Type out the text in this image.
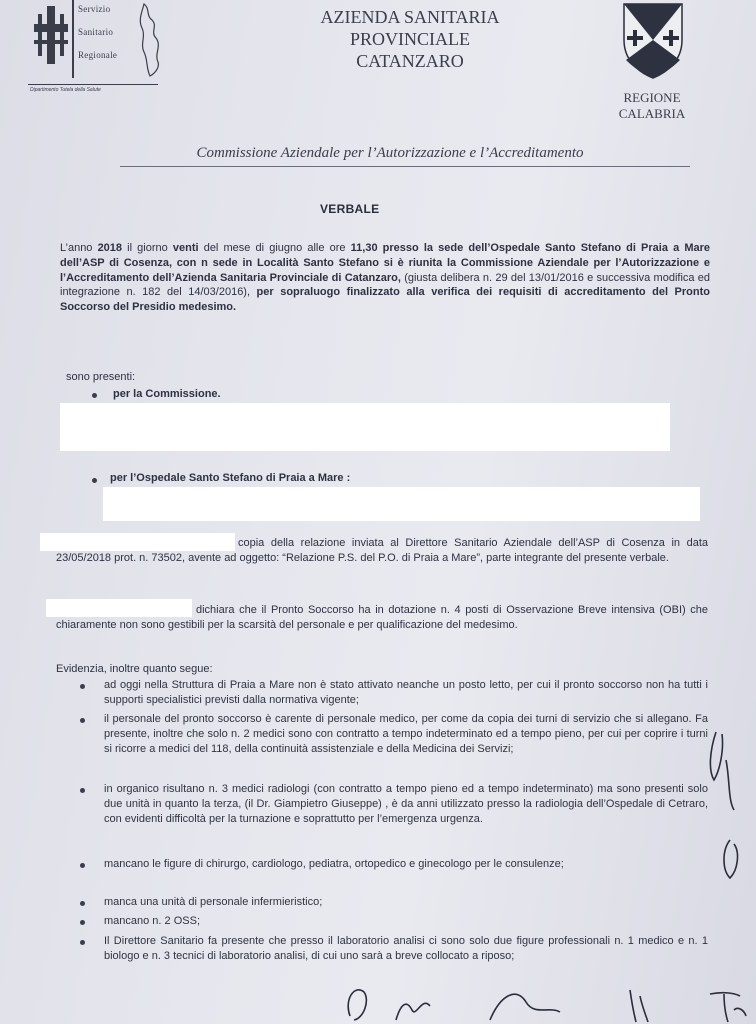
Servizio
Sanitario
Regionale
Dipartimento Tutela della Salute
AZIENDA SANITARIA
PROVINCIALE
CATANZARO
REGIONE
CALABRIA
Commissione Aziendale per l’Autorizzazione e l’Accreditamento
VERBALE
L’anno 2018 il giorno venti del mese di giugno alle ore 11,30 presso la sede dell’Ospedale Santo Stefano di Praia a Mare dell’ASP di Cosenza, con n sede in Località Santo Stefano si è riunita la Commissione Aziendale per l’Autorizzazione e l’Accreditamento dell’Azienda Sanitaria Provinciale di Catanzaro, (giusta delibera n. 29 del 13/01/2016 e successiva modifica ed integrazione n. 182 del 14/03/2016), per sopraluogo finalizzato alla verifica dei requisiti di accreditamento del Pronto Soccorso del Presidio medesimo.
sono presenti:
per la Commissione.
per l’Ospedale Santo Stefano di Praia a Mare :
copia della relazione inviata al Direttore Sanitario Aziendale dell’ASP di Cosenza in data 23/05/2018 prot. n. 73502, avente ad oggetto: “Relazione P.S. del P.O. di Praia a Mare”, parte integrante del presente verbale.
dichiara che il Pronto Soccorso ha in dotazione n. 4 posti di Osservazione Breve intensiva (OBI) che chiaramente non sono gestibili per la scarsità del personale e per qualificazione del medesimo.
Evidenzia, inoltre quanto segue:
ad oggi nella Struttura di Praia a Mare non è stato attivato neanche un posto letto, per cui il pronto soccorso non ha tutti i supporti specialistici previsti dalla normativa vigente;
il personale del pronto soccorso è carente di personale medico, per come da copia dei turni di servizio che si allegano. Fa presente, inoltre che solo n. 2 medici sono con contratto a tempo indeterminato ed a tempo pieno, per cui per coprire i turni si ricorre a medici del 118, della continuità assistenziale e della Medicina dei Servizi;
in organico risultano n. 3 medici radiologi (con contratto a tempo pieno ed a tempo indeterminato) ma sono presenti solo due unità in quanto la terza, (il Dr. Giampietro Giuseppe) , è da anni utilizzato presso la radiologia dell’Ospedale di Cetraro, con evidenti difficoltà per la turnazione e soprattutto per l’emergenza urgenza.
mancano le figure di chirurgo, cardiologo, pediatra, ortopedico e ginecologo per le consulenze;
manca una unità di personale infermieristico;
mancano n. 2 OSS;
Il Direttore Sanitario fa presente che presso il laboratorio analisi ci sono solo due figure professionali n. 1 medico e n. 1 biologo e n. 3 tecnici di laboratorio analisi, di cui uno sarà a breve collocato a riposo;
